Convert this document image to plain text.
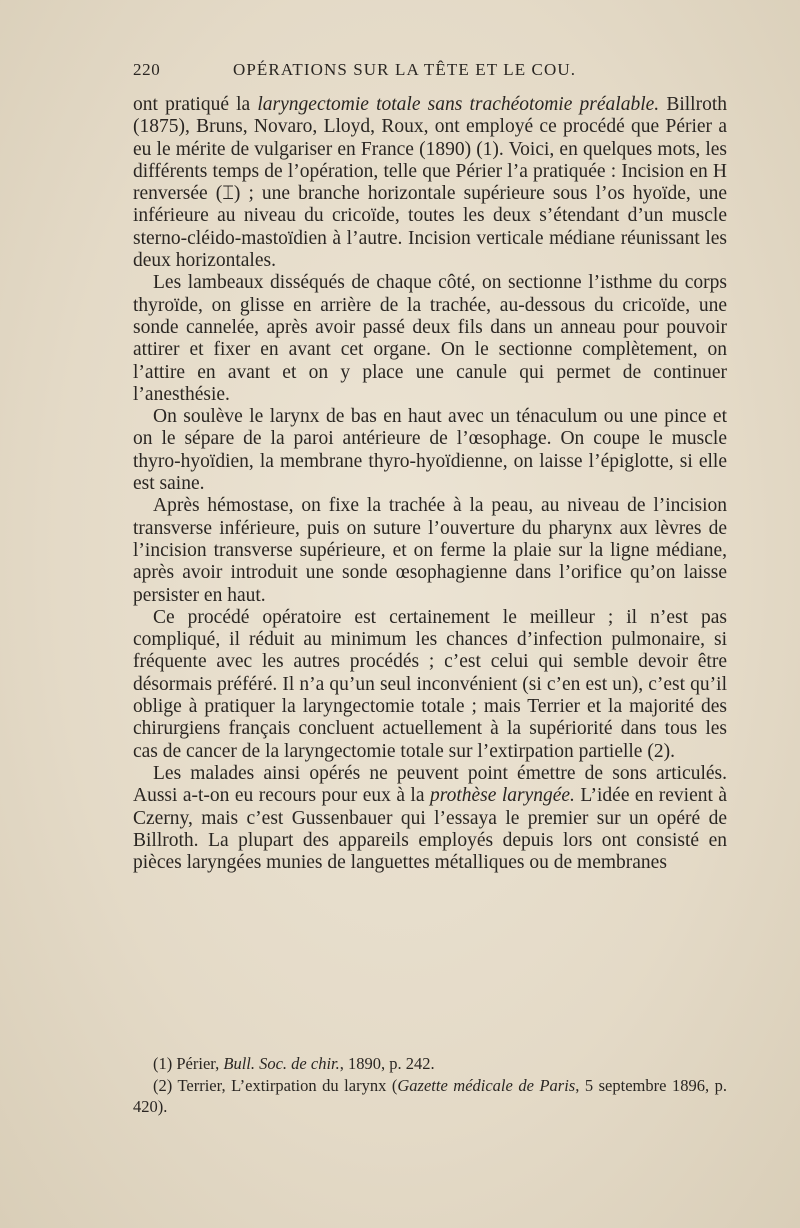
220	OPÉRATIONS SUR LA TÊTE ET LE COU.

ont pratiqué la laryngectomie totale sans trachéotomie préalable. Billroth (1875), Bruns, Novaro, Lloyd, Roux, ont employé ce procédé que Périer a eu le mérite de vulgariser en France (1890) (1). Voici, en quelques mots, les différents temps de l’opération, telle que Périer l’a pratiquée : Incision en H renversée (⌶) ; une branche horizontale supérieure sous l’os hyoïde, une inférieure au niveau du cricoïde, toutes les deux s’étendant d’un muscle sterno-cléido-mastoïdien à l’autre. Incision verticale médiane réunissant les deux horizontales.

Les lambeaux disséqués de chaque côté, on sectionne l’isthme du corps thyroïde, on glisse en arrière de la trachée, au-dessous du cricoïde, une sonde cannelée, après avoir passé deux fils dans un anneau pour pouvoir attirer et fixer en avant cet organe. On le sectionne complètement, on l’attire en avant et on y place une canule qui permet de continuer l’anesthésie.

On soulève le larynx de bas en haut avec un ténaculum ou une pince et on le sépare de la paroi antérieure de l’œsophage. On coupe le muscle thyro-hyoïdien, la membrane thyro-hyoïdienne, on laisse l’épiglotte, si elle est saine.

Après hémostase, on fixe la trachée à la peau, au niveau de l’incision transverse inférieure, puis on suture l’ouverture du pharynx aux lèvres de l’incision transverse supérieure, et on ferme la plaie sur la ligne médiane, après avoir introduit une sonde œsophagienne dans l’orifice qu’on laisse persister en haut.

Ce procédé opératoire est certainement le meilleur ; il n’est pas compliqué, il réduit au minimum les chances d’infection pulmonaire, si fréquente avec les autres procédés ; c’est celui qui semble devoir être désormais préféré. Il n’a qu’un seul inconvénient (si c’en est un), c’est qu’il oblige à pratiquer la laryngectomie totale ; mais Terrier et la majorité des chirurgiens français concluent actuellement à la supériorité dans tous les cas de cancer de la laryngectomie totale sur l’extirpation partielle (2).

Les malades ainsi opérés ne peuvent point émettre de sons articulés. Aussi a-t-on eu recours pour eux à la prothèse laryngée. L’idée en revient à Czerny, mais c’est Gussenbauer qui l’essaya le premier sur un opéré de Billroth. La plupart des appareils employés depuis lors ont consisté en pièces laryngées munies de languettes métalliques ou de membranes

(1) Périer, Bull. Soc. de chir., 1890, p. 242.

(2) Terrier, L’extirpation du larynx (Gazette médicale de Paris, 5 septembre 1896, p. 420).
